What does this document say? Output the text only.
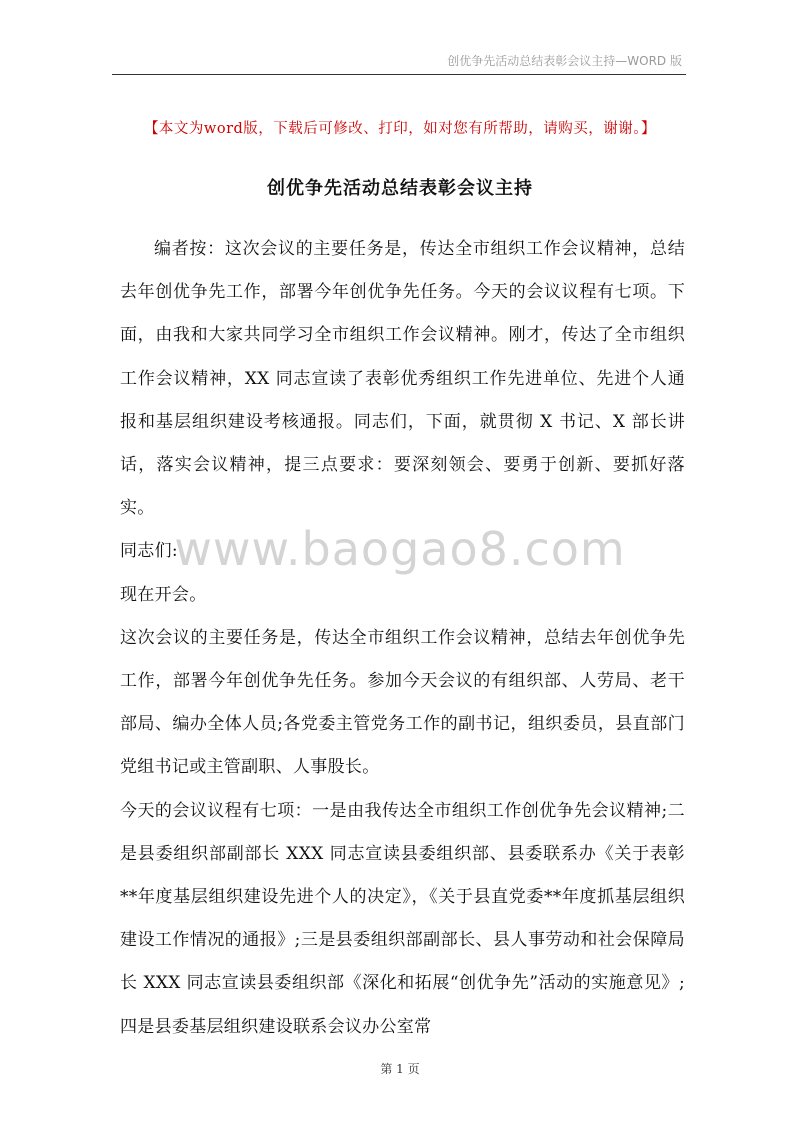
创优争先活动总结表彰会议主持—WORD 版
【本文为word版，下载后可修改、打印，如对您有所帮助，请购买，谢谢。】
创优争先活动总结表彰会议主持

编者按：这次会议的主要任务是，传达全市组织工作会议精神，总结去年创优争先工作，部署今年创优争先任务。今天的会议议程有七项。下面，由我和大家共同学习全市组织工作会议精神。刚才，传达了全市组织工作会议精神，XX 同志宣读了表彰优秀组织工作先进单位、先进个人通报和基层组织建设考核通报。同志们，下面，就贯彻 X 书记、X 部长讲话，落实会议精神，提三点要求：要深刻领会、要勇于创新、要抓好落实。

同志们:

现在开会。

这次会议的主要任务是，传达全市组织工作会议精神，总结去年创优争先工作，部署今年创优争先任务。参加今天会议的有组织部、人劳局、老干部局、编办全体人员;各党委主管党务工作的副书记，组织委员，县直部门党组书记或主管副职、人事股长。

今天的会议议程有七项：一是由我传达全市组织工作创优争先会议精神;二是县委组织部副部长 XXX 同志宣读县委组织部、县委联系办《关于表彰**年度基层组织建设先进个人的决定》，《关于县直党委**年度抓基层组织建设工作情况的通报》;三是县委组织部副部长、县人事劳动和社会保障局长 XXX 同志宣读县委组织部《深化和拓展“创优争先”活动的实施意见》;四是县委基层组织建设联系会议办公室常

www.baogao8.com
第 1 页
